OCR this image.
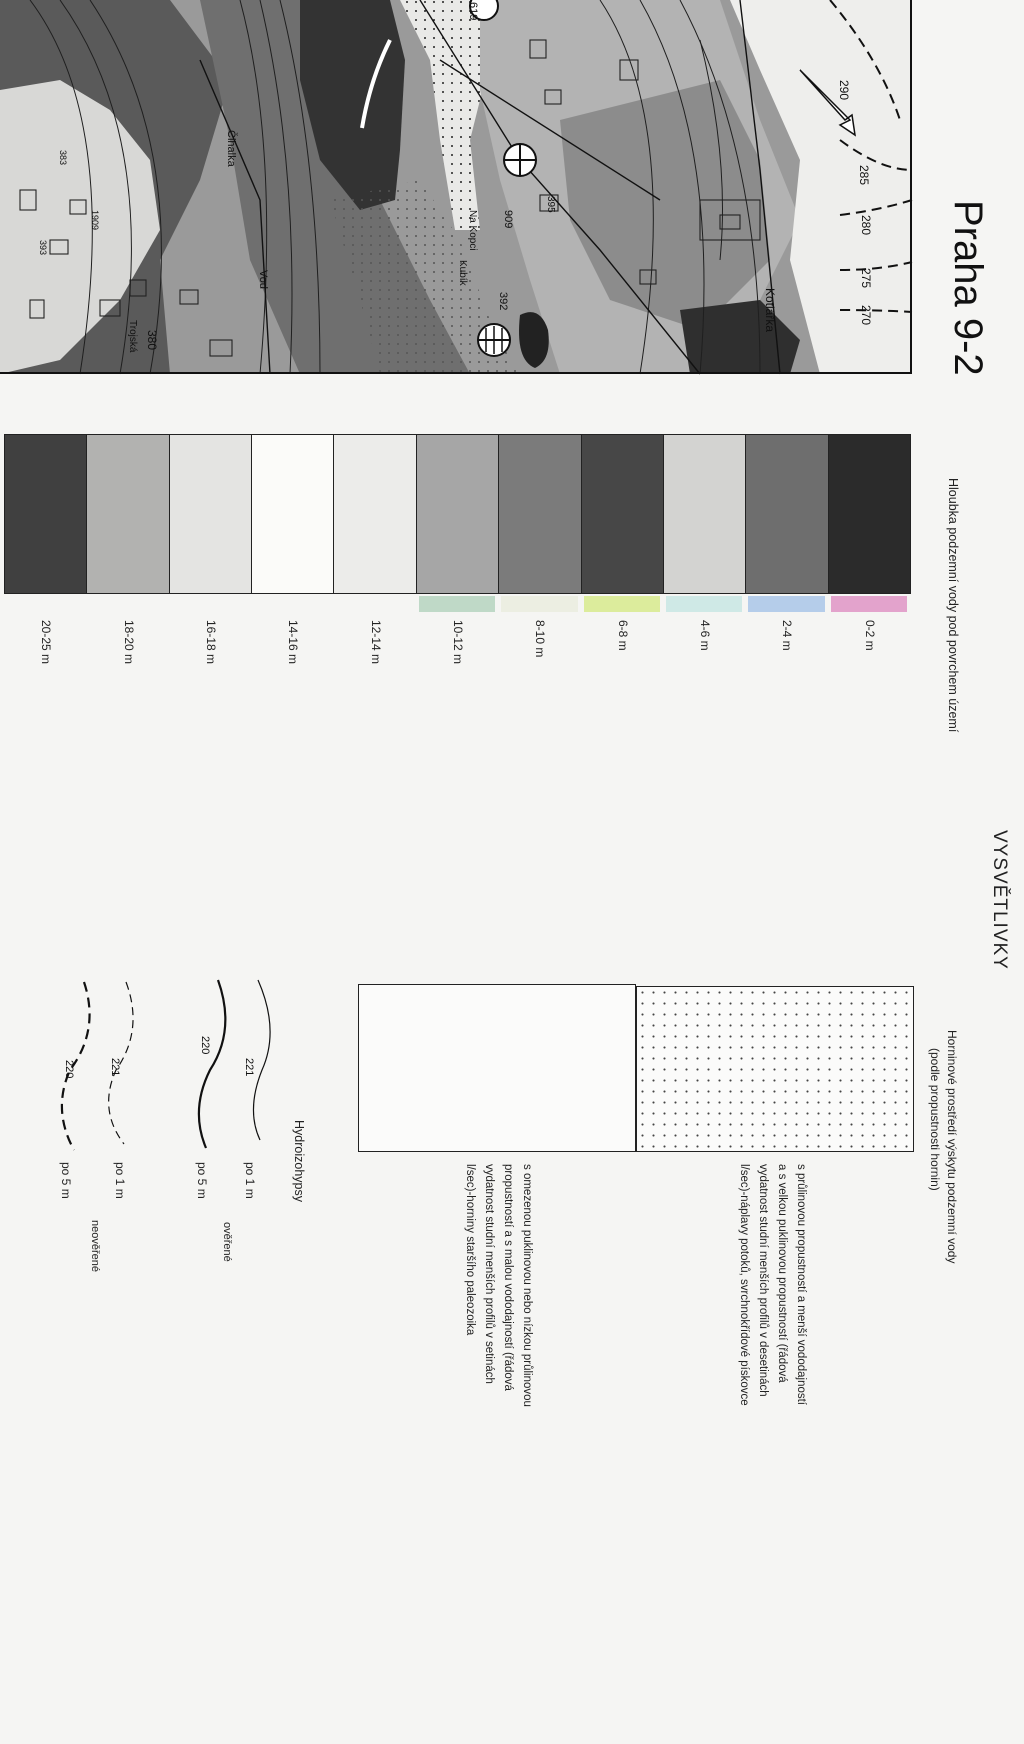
290
285
280
275
270
380
Kotlářka
Trojská
Čihalka
Na Kopci
Vod	Kubík
619
909
392
395
383
393
1909	Praha 9-2
VYSVĚTLIVKY
Hloubka podzemní vody pod povrchem území
0-2 m
2-4 m
4-6 m
6-8 m
8-10 m
10-12 m
12-14 m
14-16 m
16-18 m
18-20 m
20-25 m
Horninové prostředí výskytu podzemní vody
(podle propustnosti hornin)
s průlinovou propustností a menší vododajností
a s velkou puklinovou propustností (řádová
vydatnost studní menších profilů v desetinách
l/sec)-náplavy potoků, svrchnokřídové pískovce
s omezenou puklinovou nebo nízkou průlinovou
propustností a s malou vododajností (řádová
vydatnost studní menších profilů v setinách
l/sec)-horniny staršího paleozoika
Hydroizohypsy
221
220
221
220
po 1 m
po 5 m
po 1 m
po 5 m
ověřené
neověřené
